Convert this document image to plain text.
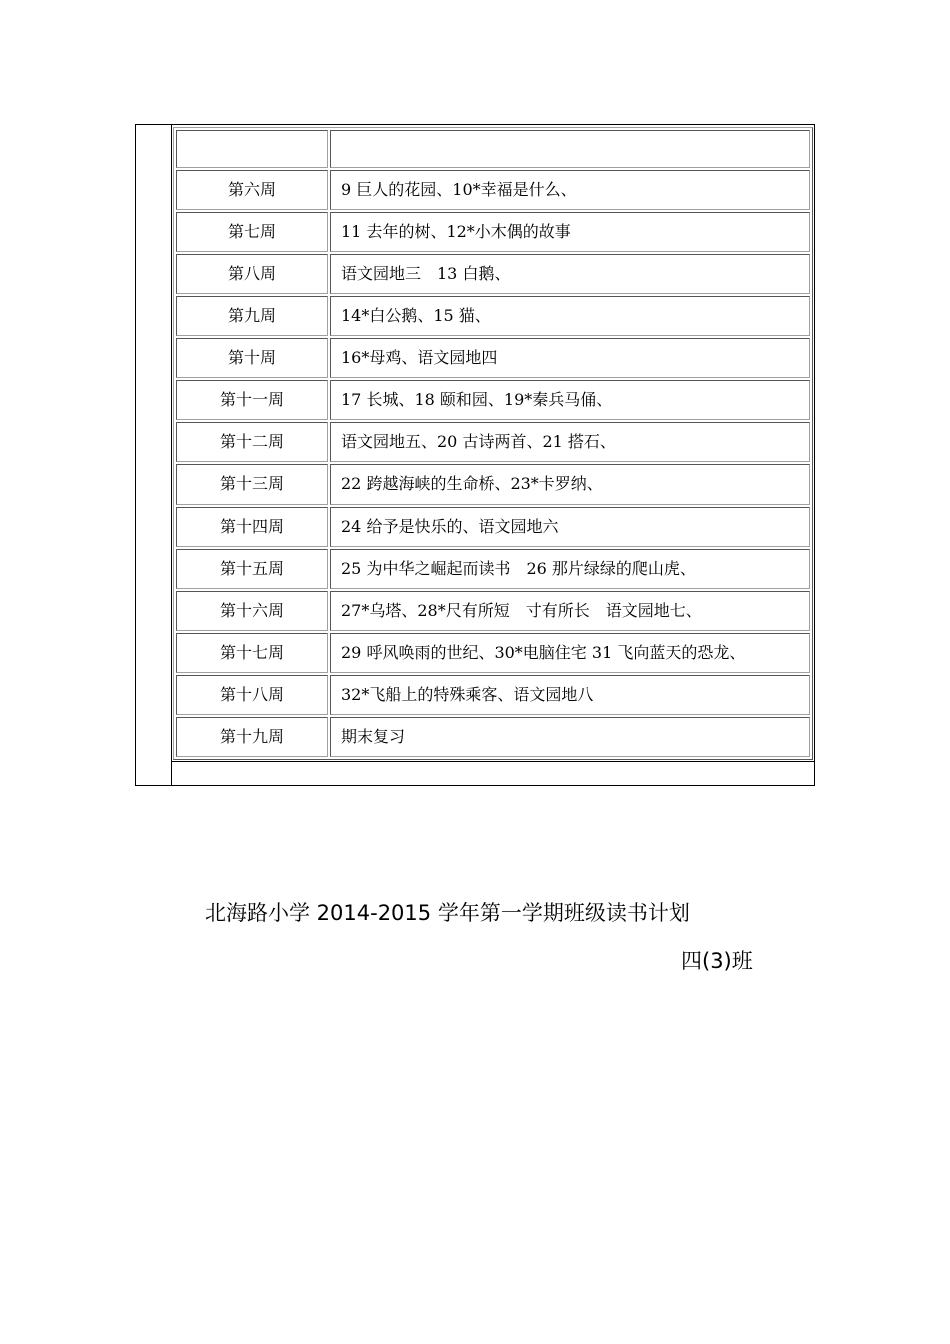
第六周	9 巨人的花园、10*幸福是什么、
第七周	11 去年的树、12*小木偶的故事
第八周	语文园地三　13 白鹅、
第九周	14*白公鹅、15 猫、
第十周	16*母鸡、语文园地四
第十一周	17 长城、18 颐和园、19*秦兵马俑、
第十二周	语文园地五、20 古诗两首、21 搭石、
第十三周	22 跨越海峡的生命桥、23*卡罗纳、
第十四周	24 给予是快乐的、语文园地六
第十五周	25 为中华之崛起而读书　26 那片绿绿的爬山虎、
第十六周	27*乌塔、28*尺有所短　寸有所长　语文园地七、
第十七周	29 呼风唤雨的世纪、30*电脑住宅 31 飞向蓝天的恐龙、
第十八周	32*飞船上的特殊乘客、语文园地八
第十九周	期末复习
北海路小学 2014-2015 学年第一学期班级读书计划
四(3)班
